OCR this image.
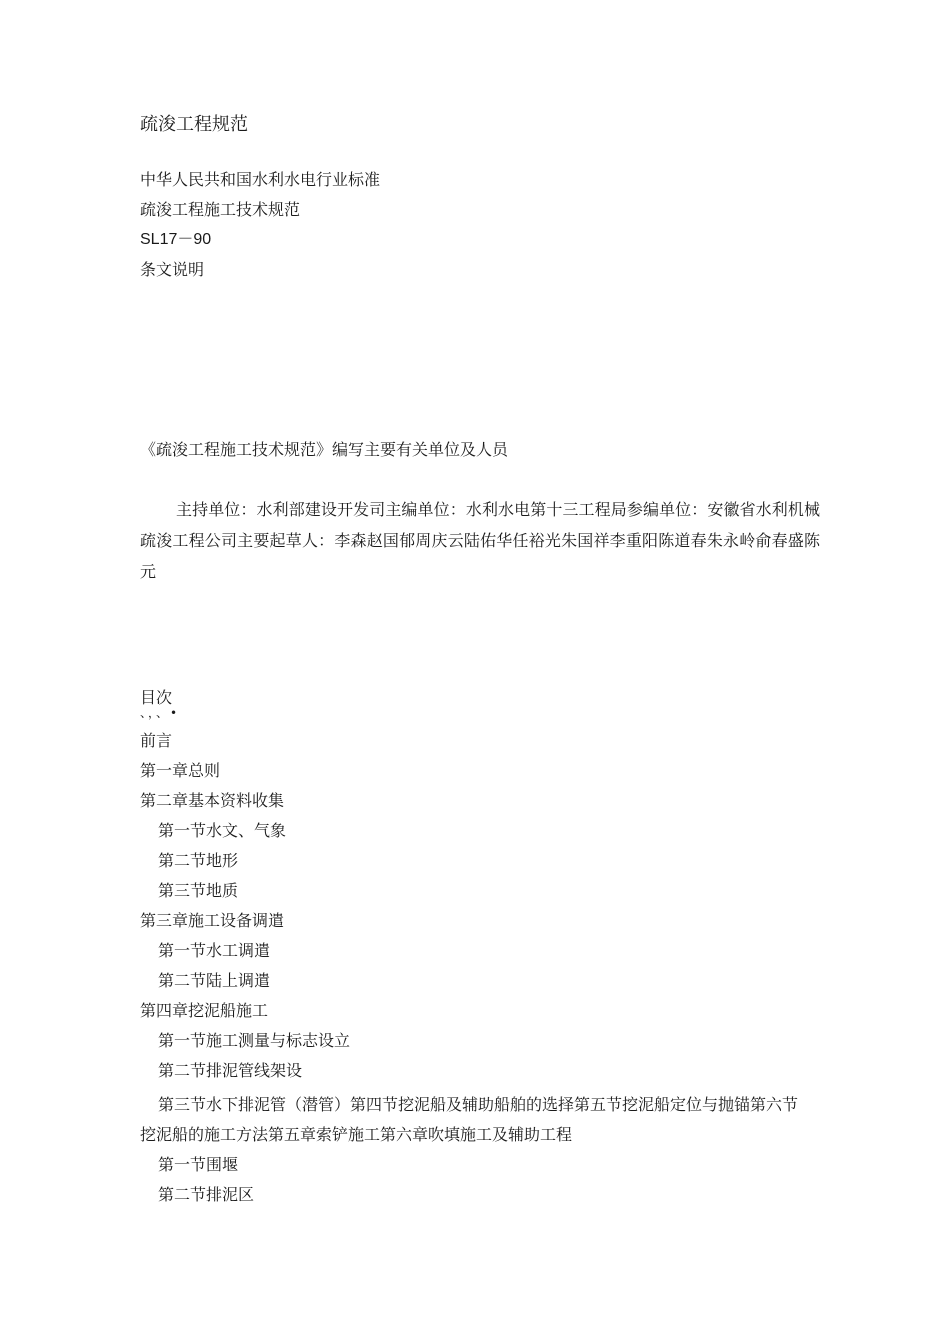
疏浚工程规范
中华人民共和国水利水电行业标准
疏浚工程施工技术规范
SL17－90
条文说明
《疏浚工程施工技术规范》编写主要有关单位及人员
主持单位：水利部建设开发司主编单位：水利水电第十三工程局参编单位：安徽省水利机械疏浚工程公司主要起草人：李森赵国郁周庆云陆佑华任裕光朱国祥李重阳陈道春朱永岭俞春盛陈元
目次
、，、•
前言
第一章总则
第二章基本资料收集
第一节水文、气象
第二节地形
第三节地质
第三章施工设备调遣
第一节水工调遣
第二节陆上调遣
第四章挖泥船施工
第一节施工测量与标志设立
第二节排泥管线架设
第三节水下排泥管（潜管）第四节挖泥船及辅助船舶的选择第五节挖泥船定位与抛锚第六节挖泥船的施工方法第五章索铲施工第六章吹填施工及辅助工程
第一节围堰
第二节排泥区
